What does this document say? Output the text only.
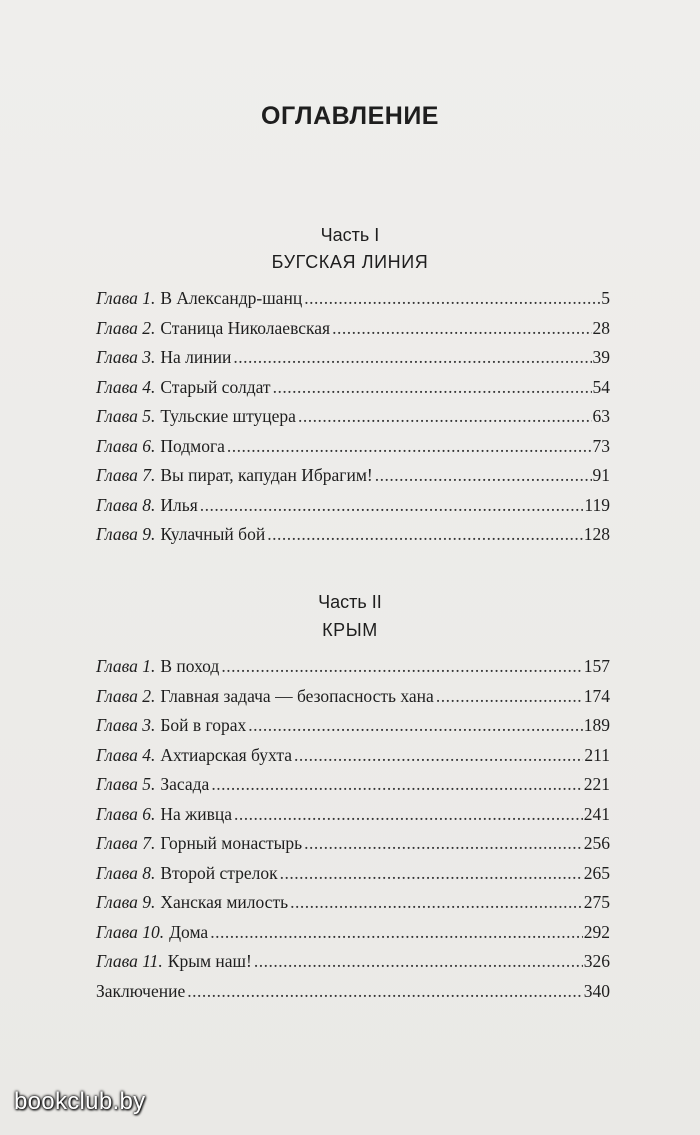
ОГЛАВЛЕНИЕ
Часть I
БУГСКАЯ ЛИНИЯ
Глава 1. В Александр-шанц .....	5
Глава 2. Станица Николаевская .....	28
Глава 3. На линии .....	39
Глава 4. Старый солдат .....	54
Глава 5. Тульские штуцера .....	63
Глава 6. Подмога .....	73
Глава 7. Вы пират, капудан Ибрагим! .....	91
Глава 8. Илья .....	119
Глава 9. Кулачный бой .....	128
Часть II
КРЫМ
Глава 1. В поход .....	157
Глава 2. Главная задача — безопасность хана .....	174
Глава 3. Бой в горах .....	189
Глава 4. Ахтиарская бухта .....	211
Глава 5. Засада .....	221
Глава 6. На живца .....	241
Глава 7. Горный монастырь .....	256
Глава 8. Второй стрелок .....	265
Глава 9. Ханская милость .....	275
Глава 10. Дома .....	292
Глава 11. Крым наш! .....	326
Заключение .....	340
bookclub.by
